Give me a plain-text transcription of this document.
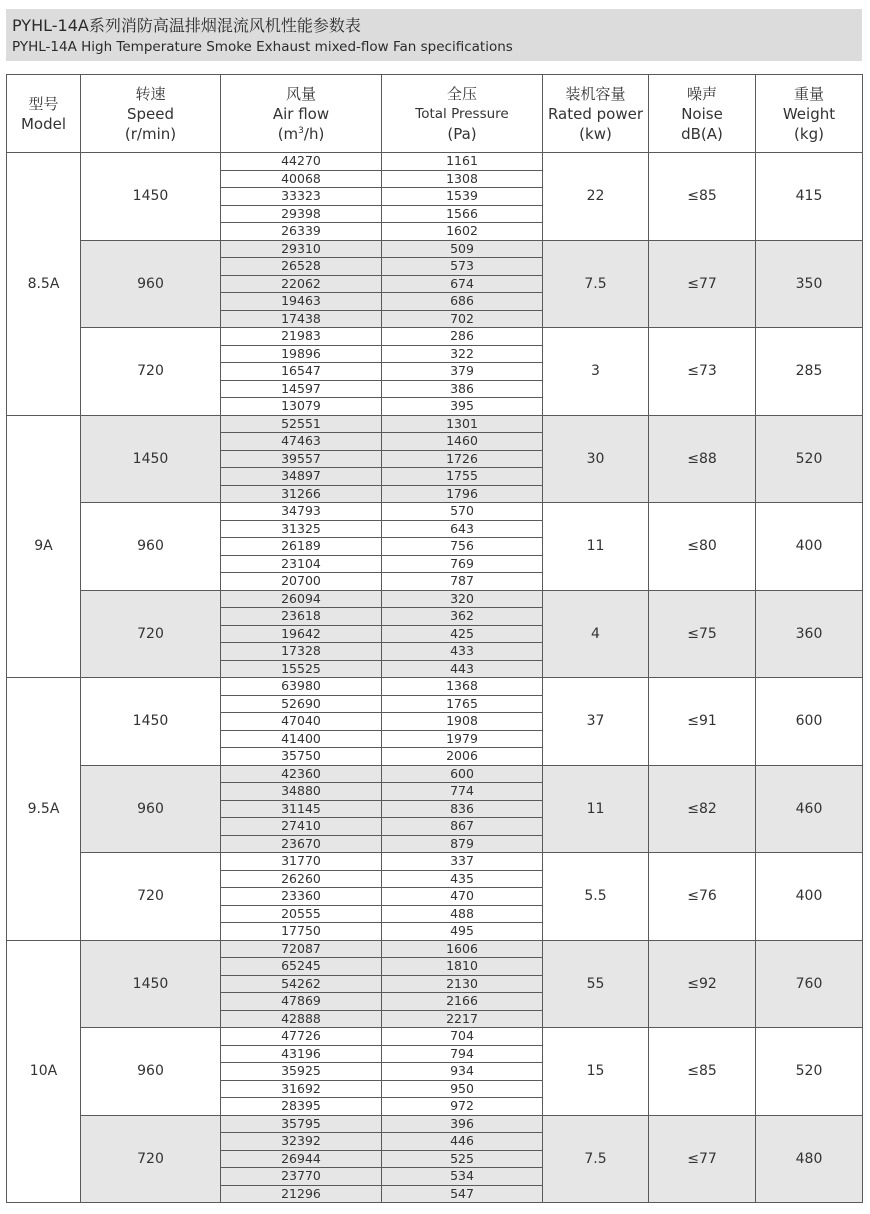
PYHL-14A系列消防高温排烟混流风机性能参数表
PYHL-14A High Temperature Smoke Exhaust mixed-flow Fan specifications
型号
Model	转速
Speed
(r/min)	风量
Air flow
$(m^3/h)$	全压
Total Pressure
(Pa)	装机容量
Rated power
(kw)	噪声
Noise
dB(A)	重量
Weight
(kg)

8.5A	1450	44270	1161	22	≤85	415
		40068	1308			
		33323	1539			
		29398	1566			
		26339	1602			
	960	29310	509	7.5	≤77	350
		26528	573			
		22062	674			
		19463	686			
		17438	702			
	720	21983	286	3	≤73	285
		19896	322			
		16547	379			
		14597	386			
		13079	395			
9A	1450	52551	1301	30	≤88	520
		47463	1460			
		39557	1726			
		34897	1755			
		31266	1796			
	960	34793	570	11	≤80	400
		31325	643			
		26189	756			
		23104	769			
		20700	787			
	720	26094	320	4	≤75	360
		23618	362			
		19642	425			
		17328	433			
		15525	443			
9.5A	1450	63980	1368	37	≤91	600
		52690	1765			
		47040	1908			
		41400	1979			
		35750	2006			
	960	42360	600	11	≤82	460
		34880	774			
		31145	836			
		27410	867			
		23670	879			
	720	31770	337	5.5	≤76	400
		26260	435			
		23360	470			
		20555	488			
		17750	495			
10A	1450	72087	1606	55	≤92	760
		65245	1810			
		54262	2130			
		47869	2166			
		42888	2217			
	960	47726	704	15	≤85	520
		43196	794			
		35925	934			
		31692	950			
		28395	972			
	720	35795	396	7.5	≤77	480
		32392	446			
		26944	525			
		23770	534			
		21296	547			
